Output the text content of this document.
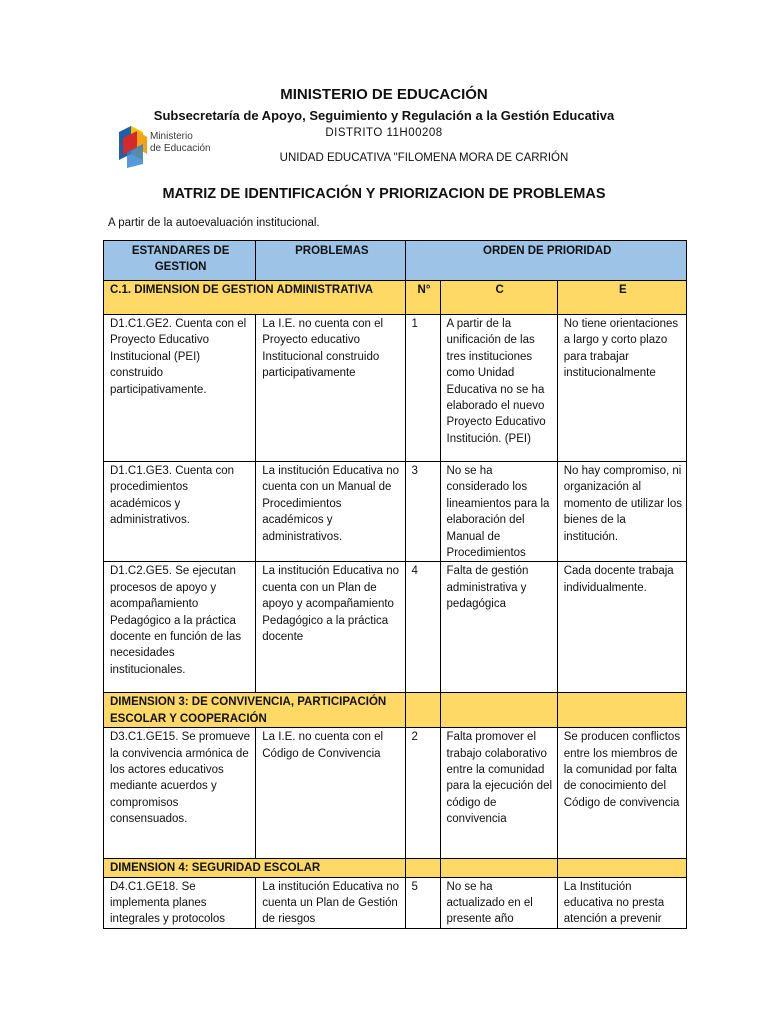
MINISTERIO DE EDUCACIÓN
Subsecretaría de Apoyo, Seguimiento y Regulación a la Gestión Educativa
DISTRITO 11H00208
UNIDAD EDUCATIVA "FILOMENA MORA DE CARRIÓN
Ministerio
de Educación
MATRIZ DE IDENTIFICACIÓN Y PRIORIZACION DE PROBLEMAS
A partir de la autoevaluación institucional.
ESTANDARES DE GESTION	PROBLEMAS	ORDEN DE PRIORIDAD		
C.1. DIMENSION DE GESTION ADMINISTRATIVA		N°	C	E
D1.C1.GE2. Cuenta con el Proyecto Educativo Institucional (PEI) construido participativamente.	La I.E. no cuenta con el Proyecto educativo Institucional construido participativamente	1	A partir de la unificación de las tres instituciones como Unidad Educativa no se ha elaborado el nuevo Proyecto Educativo Institución. (PEI)	No tiene orientaciones a largo y corto plazo para trabajar institucionalmente
D1.C1.GE3. Cuenta con procedimientos académicos y administrativos.	La institución Educativa no cuenta con un Manual de Procedimientos académicos y administrativos.	3	No se ha considerado los lineamientos para la elaboración del Manual de Procedimientos	No hay compromiso, ni organización al momento de utilizar los bienes de la institución.
D1.C2.GE5. Se ejecutan procesos de apoyo y acompañamiento Pedagógico a la práctica docente en función de las necesidades institucionales.	La institución Educativa no cuenta con un Plan de apoyo y acompañamiento Pedagógico a la práctica docente	4	Falta de gestión administrativa y pedagógica	Cada docente trabaja individualmente.
DIMENSION 3: DE CONVIVENCIA, PARTICIPACIÓN ESCOLAR Y COOPERACIÓN				
D3.C1.GE15. Se promueve la convivencia armónica de los actores educativos mediante acuerdos y compromisos consensuados.	La I.E. no cuenta con el Código de Convivencia	2	Falta promover el trabajo colaborativo entre la comunidad para la ejecución del código de convivencia	Se producen conflictos entre los miembros de la comunidad por falta de conocimiento del Código de convivencia
DIMENSION 4: SEGURIDAD ESCOLAR				
D4.C1.GE18. Se implementa planes integrales y protocolos	La institución Educativa no cuenta un Plan de Gestión de riesgos	5	No se ha actualizado en el presente año	La Institución educativa no presta atención a prevenir
